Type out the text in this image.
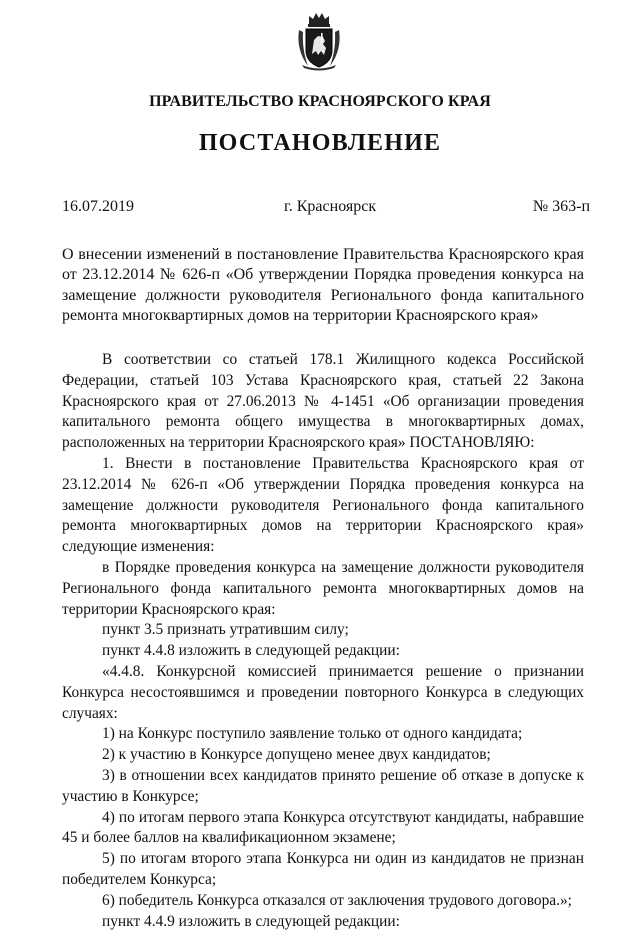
ПРАВИТЕЛЬСТВО КРАСНОЯРСКОГО КРАЯ
ПОСТАНОВЛЕНИЕ
16.07.2019	г. Красноярск	№ 363-п
О внесении изменений в постановление Правительства Красноярского края от 23.12.2014 № 626-п «Об утверждении Порядка проведения конкурса на замещение должности руководителя Регионального фонда капитального ремонта многоквартирных домов на территории Красноярского края»

В соответствии со статьей 178.1 Жилищного кодекса Российской Федерации, статьей 103 Устава Красноярского края, статьей 22 Закона Красноярского края от 27.06.2013 № 4-1451 «Об организации проведения капитального ремонта общего имущества в многоквартирных домах, расположенных на территории Красноярского края» ПОСТАНОВЛЯЮ:

1. Внести в постановление Правительства Красноярского края от 23.12.2014 № 626-п «Об утверждении Порядка проведения конкурса на замещение должности руководителя Регионального фонда капитального ремонта многоквартирных домов на территории Красноярского края» следующие изменения:

в Порядке проведения конкурса на замещение должности руководителя Регионального фонда капитального ремонта многоквартирных домов на территории Красноярского края:

пункт 3.5 признать утратившим силу;

пункт 4.4.8 изложить в следующей редакции:

«4.4.8. Конкурсной комиссией принимается решение о признании Конкурса несостоявшимся и проведении повторного Конкурса в следующих случаях:

1) на Конкурс поступило заявление только от одного кандидата;

2) к участию в Конкурсе допущено менее двух кандидатов;

3) в отношении всех кандидатов принято решение об отказе в допуске к участию в Конкурсе;

4) по итогам первого этапа Конкурса отсутствуют кандидаты, набравшие 45 и более баллов на квалификационном экзамене;

5) по итогам второго этапа Конкурса ни один из кандидатов не признан победителем Конкурса;

6) победитель Конкурса отказался от заключения трудового договора.»;

пункт 4.4.9 изложить в следующей редакции:
